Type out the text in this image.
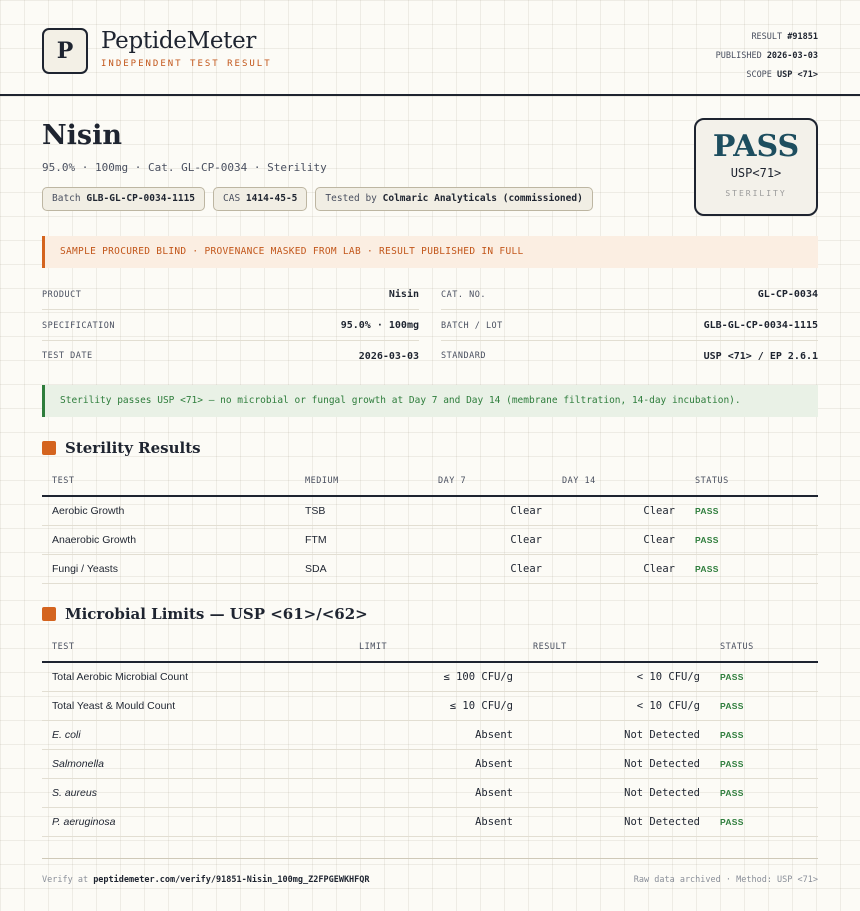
P	PeptideMeter
INDEPENDENT TEST RESULT
RESULT #91851
PUBLISHED 2026-03-03
SCOPE USP <71>
Nisin
95.0% · 100mg · Cat. GL-CP-0034 · Sterility
Batch GLB-GL-CP-0034-1115	CAS 1414-45-5	Tested by Colmaric Analyticals (commissioned)
PASS
USP<71>
STERILITY
SAMPLE PROCURED BLIND · PROVENANCE MASKED FROM LAB · RESULT PUBLISHED IN FULL
PRODUCT	Nisin	CAT. NO.	GL-CP-0034
SPECIFICATION	95.0% · 100mg	BATCH / LOT	GLB-GL-CP-0034-1115
TEST DATE	2026-03-03	STANDARD	USP <71> / EP 2.6.1
Sterility passes USP <71> — no microbial or fungal growth at Day 7 and Day 14 (membrane filtration, 14-day incubation).
Sterility Results
TEST	MEDIUM	DAY 7	DAY 14	STATUS
Aerobic Growth	TSB	Clear	Clear	PASS
Anaerobic Growth	FTM	Clear	Clear	PASS
Fungi / Yeasts	SDA	Clear	Clear	PASS
Microbial Limits — USP <61>/<62>
TEST	LIMIT	RESULT	STATUS
Total Aerobic Microbial Count	≤ 100 CFU/g	< 10 CFU/g	PASS
Total Yeast & Mould Count	≤ 10 CFU/g	< 10 CFU/g	PASS
E. coli	Absent	Not Detected	PASS
Salmonella	Absent	Not Detected	PASS
S. aureus	Absent	Not Detected	PASS
P. aeruginosa	Absent	Not Detected	PASS
Verify at peptidemeter.com/verify/91851-Nisin_100mg_Z2FPGEWKHFQR	Raw data archived · Method: USP <71>
